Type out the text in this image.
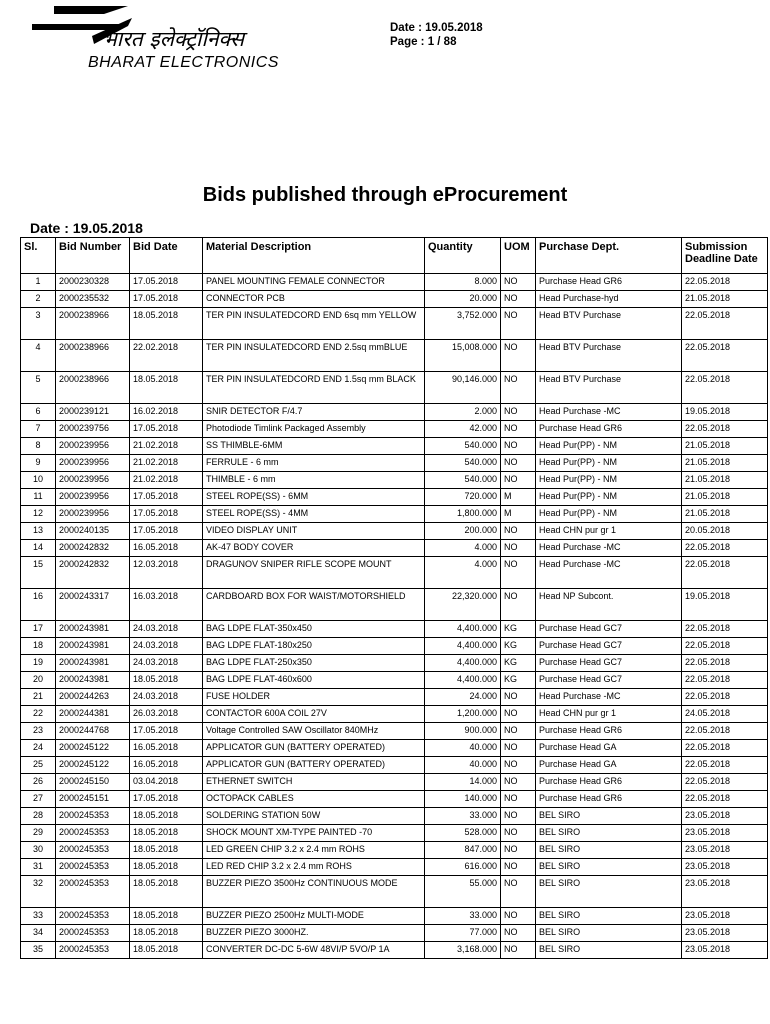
भारत इलेक्ट्रॉनिक्स
BHARAT ELECTRONICS
Date : 19.05.2018
Page : 1 / 88
Bids published through eProcurement
Date : 19.05.2018
Sl.	Bid Number	Bid Date	Material Description	Quantity	UOM	Purchase Dept.	Submission Deadline Date
1	2000230328	17.05.2018	PANEL MOUNTING FEMALE CONNECTOR	8.000	NO	Purchase Head GR6	22.05.2018
2	2000235532	17.05.2018	CONNECTOR PCB	20.000	NO	Head Purchase-hyd	21.05.2018
3	2000238966	18.05.2018	TER PIN INSULATEDCORD END 6sq mm YELLOW	3,752.000	NO	Head BTV Purchase	22.05.2018
4	2000238966	22.02.2018	TER PIN INSULATEDCORD END 2.5sq mmBLUE	15,008.000	NO	Head BTV Purchase	22.05.2018
5	2000238966	18.05.2018	TER PIN INSULATEDCORD END 1.5sq mm BLACK	90,146.000	NO	Head BTV Purchase	22.05.2018
6	2000239121	16.02.2018	SNIR DETECTOR F/4.7	2.000	NO	Head Purchase -MC	19.05.2018
7	2000239756	17.05.2018	Photodiode Timlink Packaged Assembly	42.000	NO	Purchase Head GR6	22.05.2018
8	2000239956	21.02.2018	SS THIMBLE-6MM	540.000	NO	Head Pur(PP) - NM	21.05.2018
9	2000239956	21.02.2018	FERRULE - 6 mm	540.000	NO	Head Pur(PP) - NM	21.05.2018
10	2000239956	21.02.2018	THIMBLE - 6 mm	540.000	NO	Head Pur(PP) - NM	21.05.2018
11	2000239956	17.05.2018	STEEL ROPE(SS) - 6MM	720.000	M	Head Pur(PP) - NM	21.05.2018
12	2000239956	17.05.2018	STEEL ROPE(SS) - 4MM	1,800.000	M	Head Pur(PP) - NM	21.05.2018
13	2000240135	17.05.2018	VIDEO DISPLAY UNIT	200.000	NO	Head CHN pur gr 1	20.05.2018
14	2000242832	16.05.2018	AK-47 BODY COVER	4.000	NO	Head Purchase -MC	22.05.2018
15	2000242832	12.03.2018	DRAGUNOV SNIPER RIFLE SCOPE MOUNT	4.000	NO	Head Purchase -MC	22.05.2018
16	2000243317	16.03.2018	CARDBOARD BOX FOR WAIST/MOTORSHIELD	22,320.000	NO	Head NP Subcont.	19.05.2018
17	2000243981	24.03.2018	BAG LDPE FLAT-350x450	4,400.000	KG	Purchase Head GC7	22.05.2018
18	2000243981	24.03.2018	BAG LDPE FLAT-180x250	4,400.000	KG	Purchase Head GC7	22.05.2018
19	2000243981	24.03.2018	BAG LDPE FLAT-250x350	4,400.000	KG	Purchase Head GC7	22.05.2018
20	2000243981	18.05.2018	BAG LDPE FLAT-460x600	4,400.000	KG	Purchase Head GC7	22.05.2018
21	2000244263	24.03.2018	FUSE HOLDER	24.000	NO	Head Purchase -MC	22.05.2018
22	2000244381	26.03.2018	CONTACTOR 600A COIL 27V	1,200.000	NO	Head CHN pur gr 1	24.05.2018
23	2000244768	17.05.2018	Voltage Controlled SAW Oscillator 840MHz	900.000	NO	Purchase Head GR6	22.05.2018
24	2000245122	16.05.2018	APPLICATOR GUN (BATTERY OPERATED)	40.000	NO	Purchase Head GA	22.05.2018
25	2000245122	16.05.2018	APPLICATOR GUN (BATTERY OPERATED)	40.000	NO	Purchase Head GA	22.05.2018
26	2000245150	03.04.2018	ETHERNET SWITCH	14.000	NO	Purchase Head GR6	22.05.2018
27	2000245151	17.05.2018	OCTOPACK CABLES	140.000	NO	Purchase Head GR6	22.05.2018
28	2000245353	18.05.2018	SOLDERING STATION 50W	33.000	NO	BEL SIRO	23.05.2018
29	2000245353	18.05.2018	SHOCK MOUNT XM-TYPE PAINTED -70	528.000	NO	BEL SIRO	23.05.2018
30	2000245353	18.05.2018	LED GREEN CHIP 3.2 x 2.4 mm ROHS	847.000	NO	BEL SIRO	23.05.2018
31	2000245353	18.05.2018	LED RED CHIP 3.2 x 2.4 mm ROHS	616.000	NO	BEL SIRO	23.05.2018
32	2000245353	18.05.2018	BUZZER PIEZO 3500Hz CONTINUOUS MODE	55.000	NO	BEL SIRO	23.05.2018
33	2000245353	18.05.2018	BUZZER PIEZO 2500Hz MULTI-MODE	33.000	NO	BEL SIRO	23.05.2018
34	2000245353	18.05.2018	BUZZER PIEZO 3000HZ.	77.000	NO	BEL SIRO	23.05.2018
35	2000245353	18.05.2018	CONVERTER DC-DC 5-6W 48VI/P 5VO/P 1A	3,168.000	NO	BEL SIRO	23.05.2018
